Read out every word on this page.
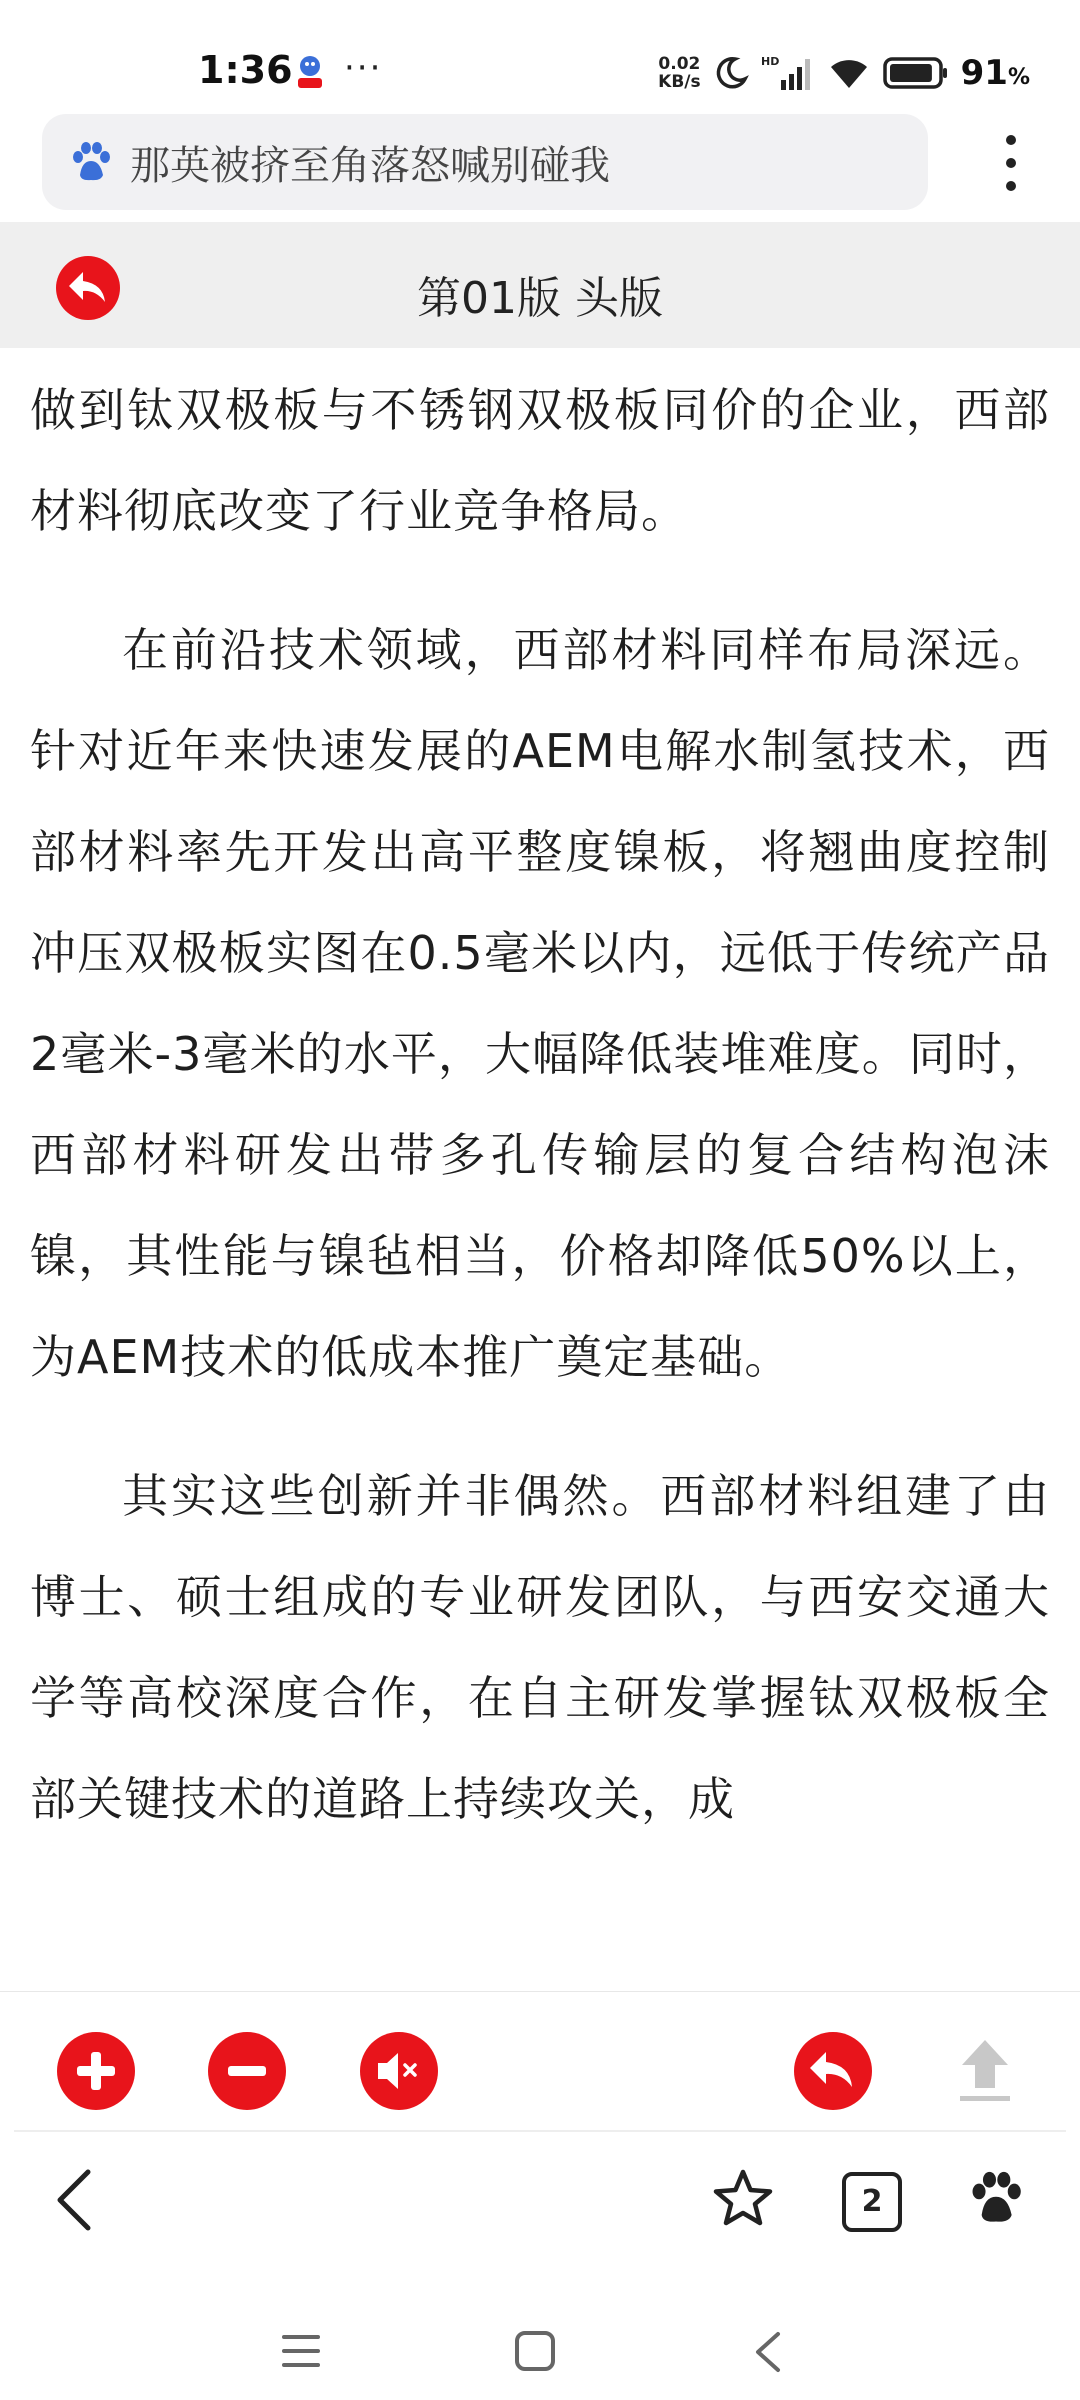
1:36 ···	0.02
KB/s
HD	91%
那英被挤至角落怒喊别碰我
第01版 头版

做到钛双极板与不锈钢双极板同价的企业，西部材料彻底改变了行业竞争格局。

在前沿技术领域，西部材料同样布局深远。针对近年来快速发展的AEM电解水制氢技术，西部材料率先开发出高平整度镍板，将翘曲度控制冲压双极板实图在0.5毫米以内，远低于传统产品2毫米-3毫米的水平，大幅降低装堆难度。同时，西部材料研发出带多孔传输层的复合结构泡沫镍，其性能与镍毡相当，价格却降低50%以上，为AEM技术的低成本推广奠定基础。

其实这些创新并非偶然。西部材料组建了由博士、硕士组成的专业研发团队，与西安交通大学等高校深度合作，在自主研发掌握钛双极板全部关键技术的道路上持续攻关，成

2
